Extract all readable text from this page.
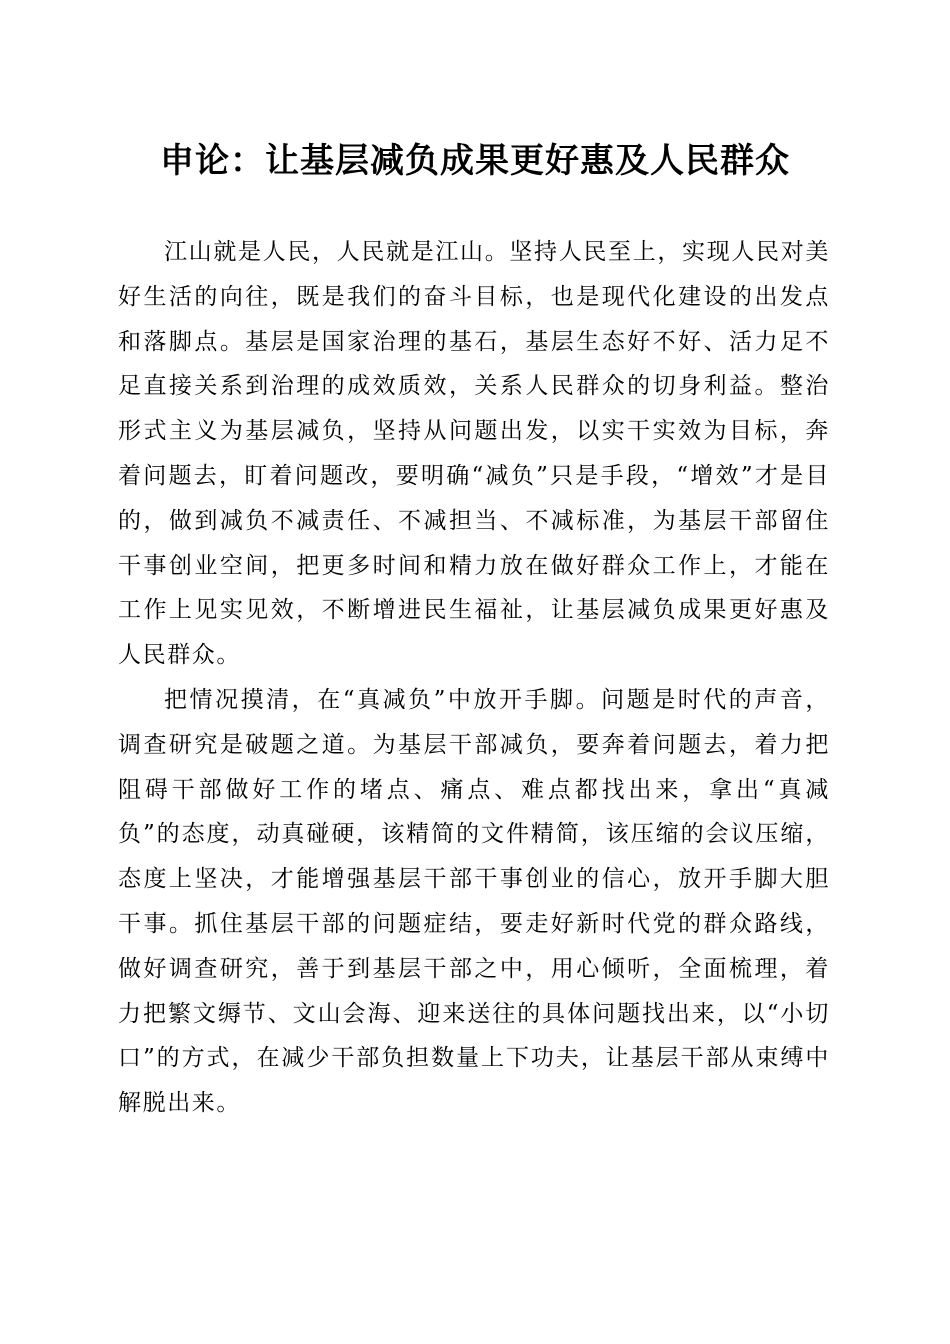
申论：让基层减负成果更好惠及人民群众

江山就是人民，人民就是江山。坚持人民至上，实现人民对美好生活的向往，既是我们的奋斗目标，也是现代化建设的出发点和落脚点。基层是国家治理的基石，基层生态好不好、活力足不足直接关系到治理的成效质效，关系人民群众的切身利益。整治形式主义为基层减负，坚持从问题出发，以实干实效为目标，奔着问题去，盯着问题改，要明确“减负”只是手段，“增效”才是目的，做到减负不减责任、不减担当、不减标准，为基层干部留住干事创业空间，把更多时间和精力放在做好群众工作上，才能在工作上见实见效，不断增进民生福祉，让基层减负成果更好惠及人民群众。

把情况摸清，在“真减负”中放开手脚。问题是时代的声音，调查研究是破题之道。为基层干部减负，要奔着问题去，着力把阻碍干部做好工作的堵点、痛点、难点都找出来，拿出“真减负”的态度，动真碰硬，该精简的文件精简，该压缩的会议压缩，态度上坚决，才能增强基层干部干事创业的信心，放开手脚大胆干事。抓住基层干部的问题症结，要走好新时代党的群众路线，做好调查研究，善于到基层干部之中，用心倾听，全面梳理，着力把繁文缛节、文山会海、迎来送往的具体问题找出来，以“小切口”的方式，在减少干部负担数量上下功夫，让基层干部从束缚中解脱出来。
